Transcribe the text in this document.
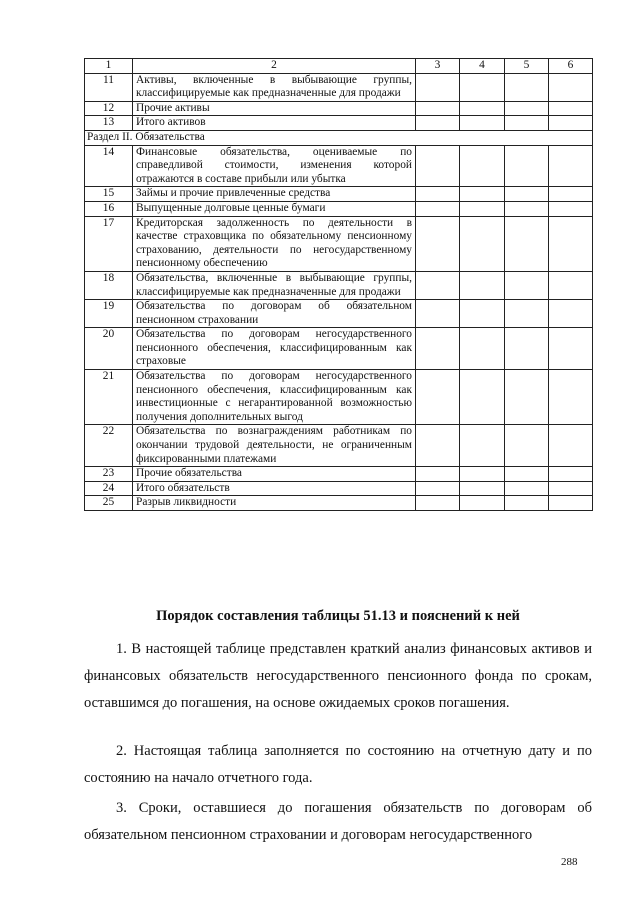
1	2	3	4	5	6
11	Активы, включенные в выбывающие группы, классифицируемые как предназначенные для продажи				
12	Прочие активы				
13	Итого активов				
Раздел II. Обязательства					
14	Финансовые обязательства, оцениваемые по справедливой стоимости, изменения которой отражаются в составе прибыли или убытка				
15	Займы и прочие привлеченные средства				
16	Выпущенные долговые ценные бумаги				
17	Кредиторская задолженность по деятельности в качестве страховщика по обязательному пенсионному страхованию, деятельности по негосударственному пенсионному обеспечению				
18	Обязательства, включенные в выбывающие группы, классифицируемые как предназначенные для продажи				
19	Обязательства по договорам об обязательном пенсионном страховании				
20	Обязательства по договорам негосударственного пенсионного обеспечения, классифицированным как страховые				
21	Обязательства по договорам негосударственного пенсионного обеспечения, классифицированным как инвестиционные с негарантированной возможностью получения дополнительных выгод				
22	Обязательства по вознаграждениям работникам по окончании трудовой деятельности, не ограниченным фиксированными платежами				
23	Прочие обязательства				
24	Итого обязательств				
25	Разрыв ликвидности				
Порядок составления таблицы 51.13 и пояснений к ней

1. В настоящей таблице представлен краткий анализ финансовых активов и финансовых обязательств негосударственного пенсионного фонда по срокам, оставшимся до погашения, на основе ожидаемых сроков погашения.

2. Настоящая таблица заполняется по состоянию на отчетную дату и по состоянию на начало отчетного года.

3. Сроки, оставшиеся до погашения обязательств по договорам об обязательном пенсионном страховании и договорам негосударственного

288
